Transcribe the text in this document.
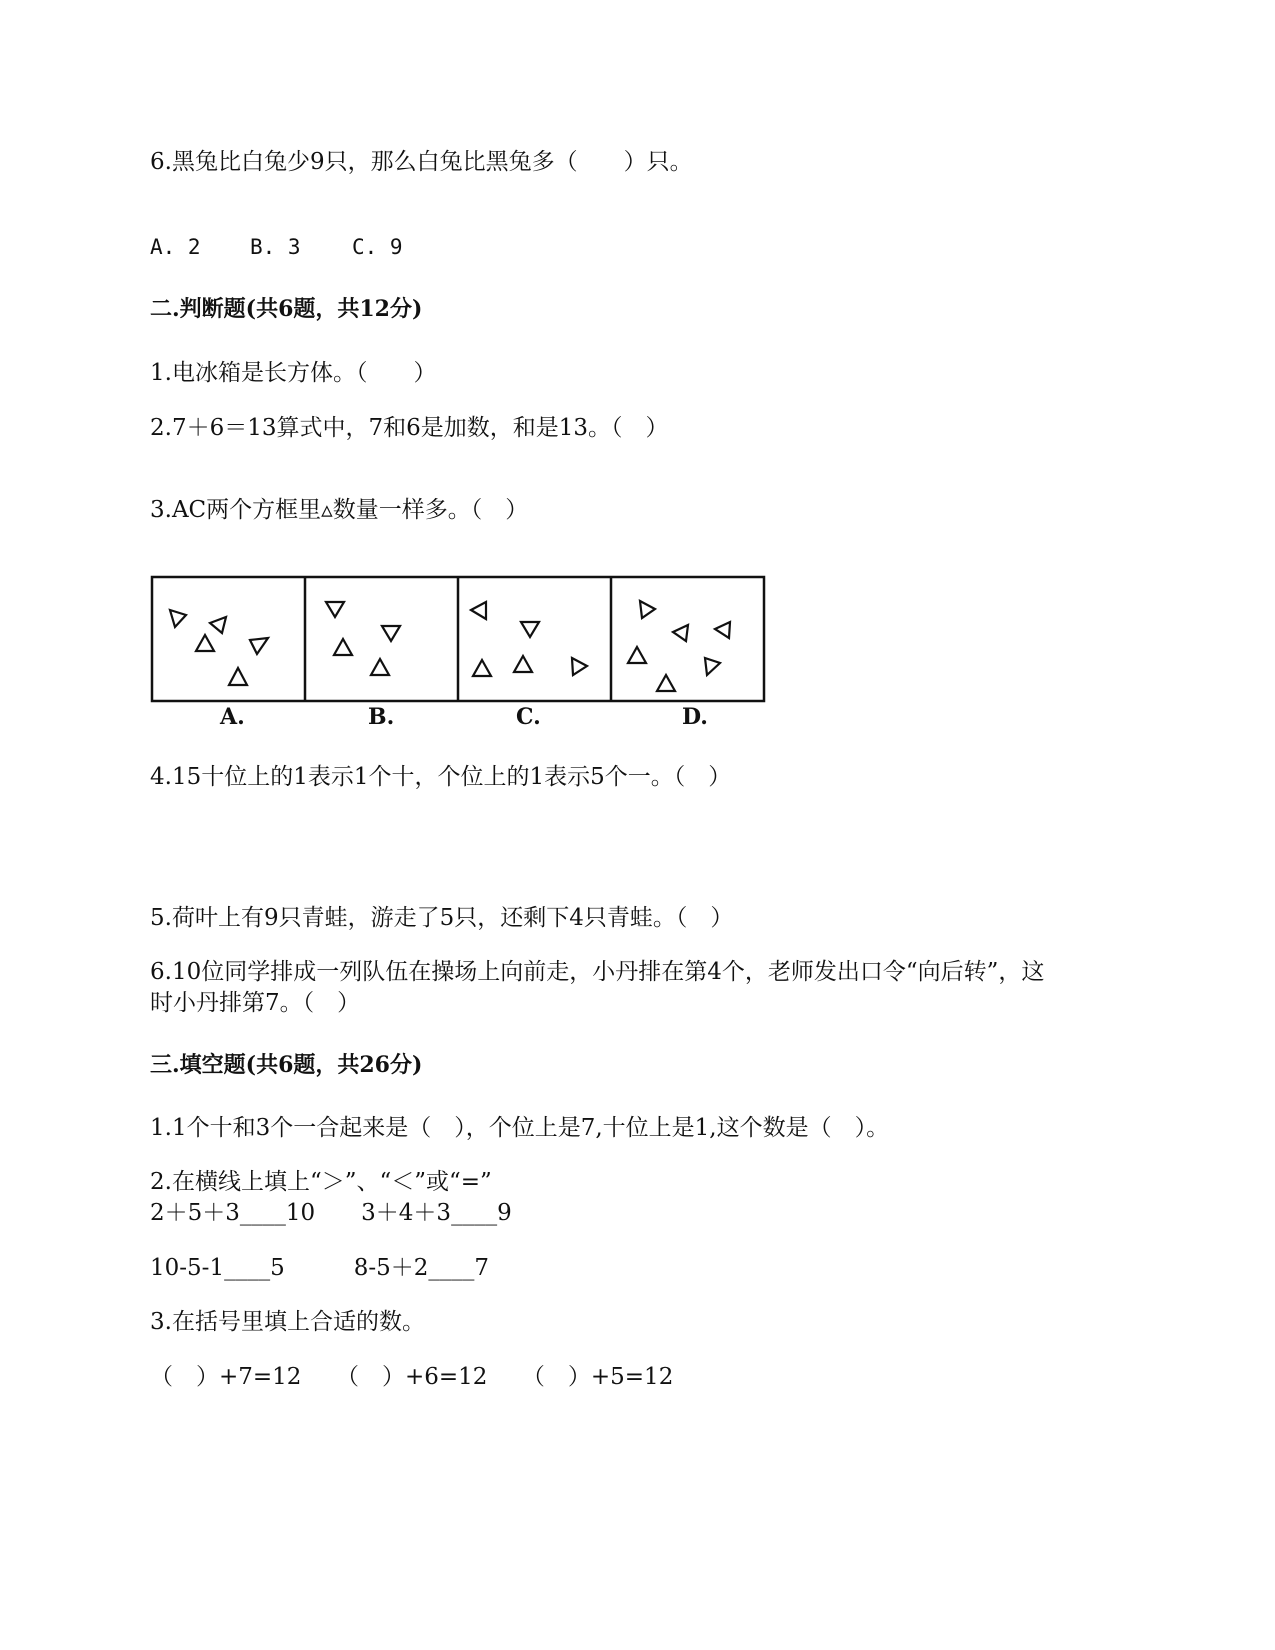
6.黑兔比白兔少9只，那么白兔比黑兔多（　　）只。
A. 2 B. 3 C. 9
二.判断题(共6题，共12分)
1.电冰箱是长方体。（　　）
2.7＋6＝13算式中，7和6是加数，和是13。（　）
3.AC两个方框里▵数量一样多。（　）
A.	B.	C.	D.
4.15十位上的1表示1个十，个位上的1表示5个一。（　）
5.荷叶上有9只青蛙，游走了5只，还剩下4只青蛙。（　）
6.10位同学排成一列队伍在操场上向前走，小丹排在第4个，老师发出口令“向后转”，这
时小丹排第7。（　）
三.填空题(共6题，共26分)
1.1个十和3个一合起来是（　），个位上是7,十位上是1,这个数是（　）。
2.在横线上填上“＞”、“＜”或“=”
2＋5＋3____10　　3＋4＋3____9
10-5-1____5　　　8-5＋2____7
3.在括号里填上合适的数。
（　）+7=12　　（　）+6=12　　（　）+5=12
